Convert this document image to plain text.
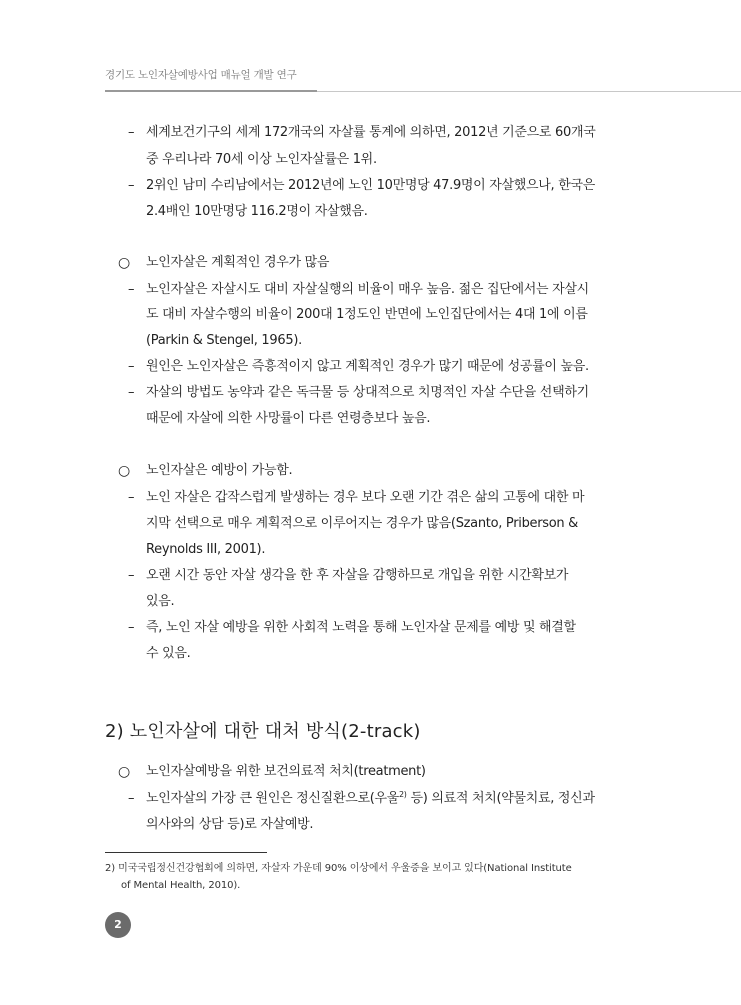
경기도 노인자살예방사업 매뉴얼 개발 연구
– 세계보건기구의 세계 172개국의 자살률 통계에 의하면, 2012년 기준으로 60개국
중 우리나라 70세 이상 노인자살률은 1위.
– 2위인 남미 수리남에서는 2012년에 노인 10만명당 47.9명이 자살했으나, 한국은
2.4배인 10만명당 116.2명이 자살했음.
○ 노인자살은 계획적인 경우가 많음
– 노인자살은 자살시도 대비 자살실행의 비율이 매우 높음. 젊은 집단에서는 자살시
도 대비 자살수행의 비율이 200대 1정도인 반면에 노인집단에서는 4대 1에 이름
(Parkin & Stengel, 1965).
– 원인은 노인자살은 즉흥적이지 않고 계획적인 경우가 많기 때문에 성공률이 높음.
– 자살의 방법도 농약과 같은 독극물 등 상대적으로 치명적인 자살 수단을 선택하기
때문에 자살에 의한 사망률이 다른 연령층보다 높음.
○ 노인자살은 예방이 가능함.
– 노인 자살은 갑작스럽게 발생하는 경우 보다 오랜 기간 겪은 삶의 고통에 대한 마
지막 선택으로 매우 계획적으로 이루어지는 경우가 많음(Szanto, Priberson &
Reynolds III, 2001).
– 오랜 시간 동안 자살 생각을 한 후 자살을 감행하므로 개입을 위한 시간확보가
있음.
– 즉, 노인 자살 예방을 위한 사회적 노력을 통해 노인자살 문제를 예방 및 해결할
수 있음.
2) 노인자살에 대한 대처 방식(2-track)
○ 노인자살예방을 위한 보건의료적 처치(treatment)
– 노인자살의 가장 큰 원인은 정신질환으로(우울$^{2)}$ 등) 의료적 처치(약물치료, 정신과
의사와의 상담 등)로 자살예방.
2) 미국국립정신건강협회에 의하면, 자살자 가운데 90% 이상에서 우울증을 보이고 있다(National Institute
of Mental Health, 2010).
2
